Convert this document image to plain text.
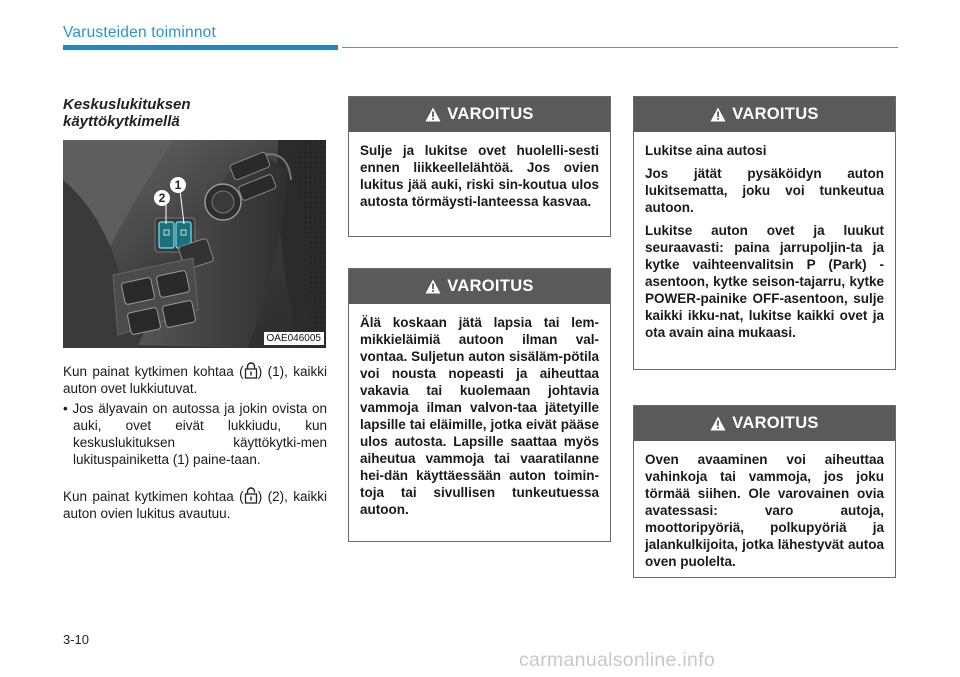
Varusteiden toiminnot
Keskuslukituksen käyttökytkimellä
2
1
OAE046005
Kun painat kytkimen kohtaa ( ) (1), kaikki auton ovet lukkiutuvat.
• Jos älyavain on autossa ja jokin ovista on auki, ovet eivät lukkiudu, kun keskuslukituksen käyttökytki-men lukituspainiketta (1) paine-taan.
Kun painat kytkimen kohtaa ( ) (2), kaikki auton ovien lukitus avautuu.
VAROITUS

Sulje ja lukitse ovet huolelli-sesti ennen liikkeellelähtöä. Jos ovien lukitus jää auki, riski sin-koutua ulos autosta törmäysti-lanteessa kasvaa.

VAROITUS

Älä koskaan jätä lapsia tai lem-mikkieläimiä autoon ilman val-vontaa. Suljetun auton sisäläm-pötila voi nousta nopeasti ja aiheuttaa vakavia tai kuolemaan johtavia vammoja ilman valvon-taa jätetyille lapsille tai eläimille, jotka eivät pääse ulos autosta. Lapsille saattaa myös aiheutua vammoja tai vaaratilanne hei-dän käyttäessään auton toimin-toja tai sivullisen tunkeutuessa autoon.

VAROITUS

Lukitse aina autosi

Jos jätät pysäköidyn auton lukitsematta, joku voi tunkeutua autoon.

Lukitse auton ovet ja luukut seuraavasti: paina jarrupoljin-ta ja kytke vaihteenvalitsin P (Park) -asentoon, kytke seison-tajarru, kytke POWER-painike OFF-asentoon, sulje kaikki ikku-nat, lukitse kaikki ovet ja ota avain aina mukaasi.

VAROITUS

Oven avaaminen voi aiheuttaa vahinkoja tai vammoja, jos joku törmää siihen. Ole varovainen ovia avatessasi: varo autoja, moottoripyöriä, polkupyöriä ja jalankulkijoita, jotka lähestyvät autoa oven puolelta.

3-10
carmanualsonline.info
